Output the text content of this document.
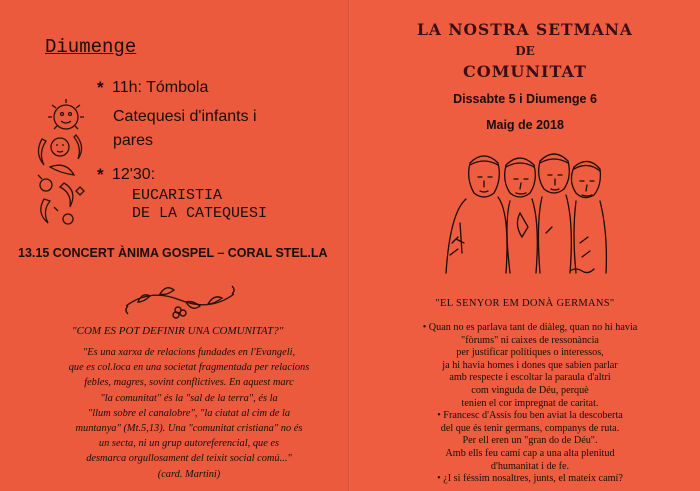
Diumenge
* 11h: Tómbola
Catequesi d'infants i
pares
* 12'30:
EUCARISTIA
DE LA CATEQUESI
13.15 CONCERT ÀNIMA GOSPEL – CORAL STEL.LA
"COM ES POT DEFINIR UNA COMUNITAT?"
"Es una xarxa de relacions fundades en l'Evangeli,
que es col.loca en una societat fragmentada per relacions
febles, magres, sovint conflictives. En aquest marc
"la comunitat" és la "sal de la terra", és la
"llum sobre el canalobre", "la ciutat al cim de la
muntanya" (Mt.5,13). Una "comunitat cristiana" no és
un secta, ni un grup autoreferencial, que es
desmarca orgullosament del teixit social comú..."
(card. Martini)
LA NOSTRA SETMANA
DE
COMUNITAT
Dissabte 5 i Diumenge 6
Maig de 2018
"EL SENYOR EM DONÀ GERMANS"
• Quan no es parlava tant de diàleg, quan no hi havia
"fòrums" ni caixes de ressonància
per justificar polítiques o interessos,
ja hi havia homes i dones que sabien parlar
amb respecte i escoltar la paraula d'altri
com vinguda de Déu, perquè
tenien el cor impregnat de caritat.
• Francesc d'Assís fou ben aviat la descoberta
del que és tenir germans, companys de ruta.
Per ell eren un "gran do de Déu".
Amb ells feu camí cap a una alta plenitud
d'humanitat i de fe.
• ¿I si féssim nosaltres, junts, el mateix camí?
